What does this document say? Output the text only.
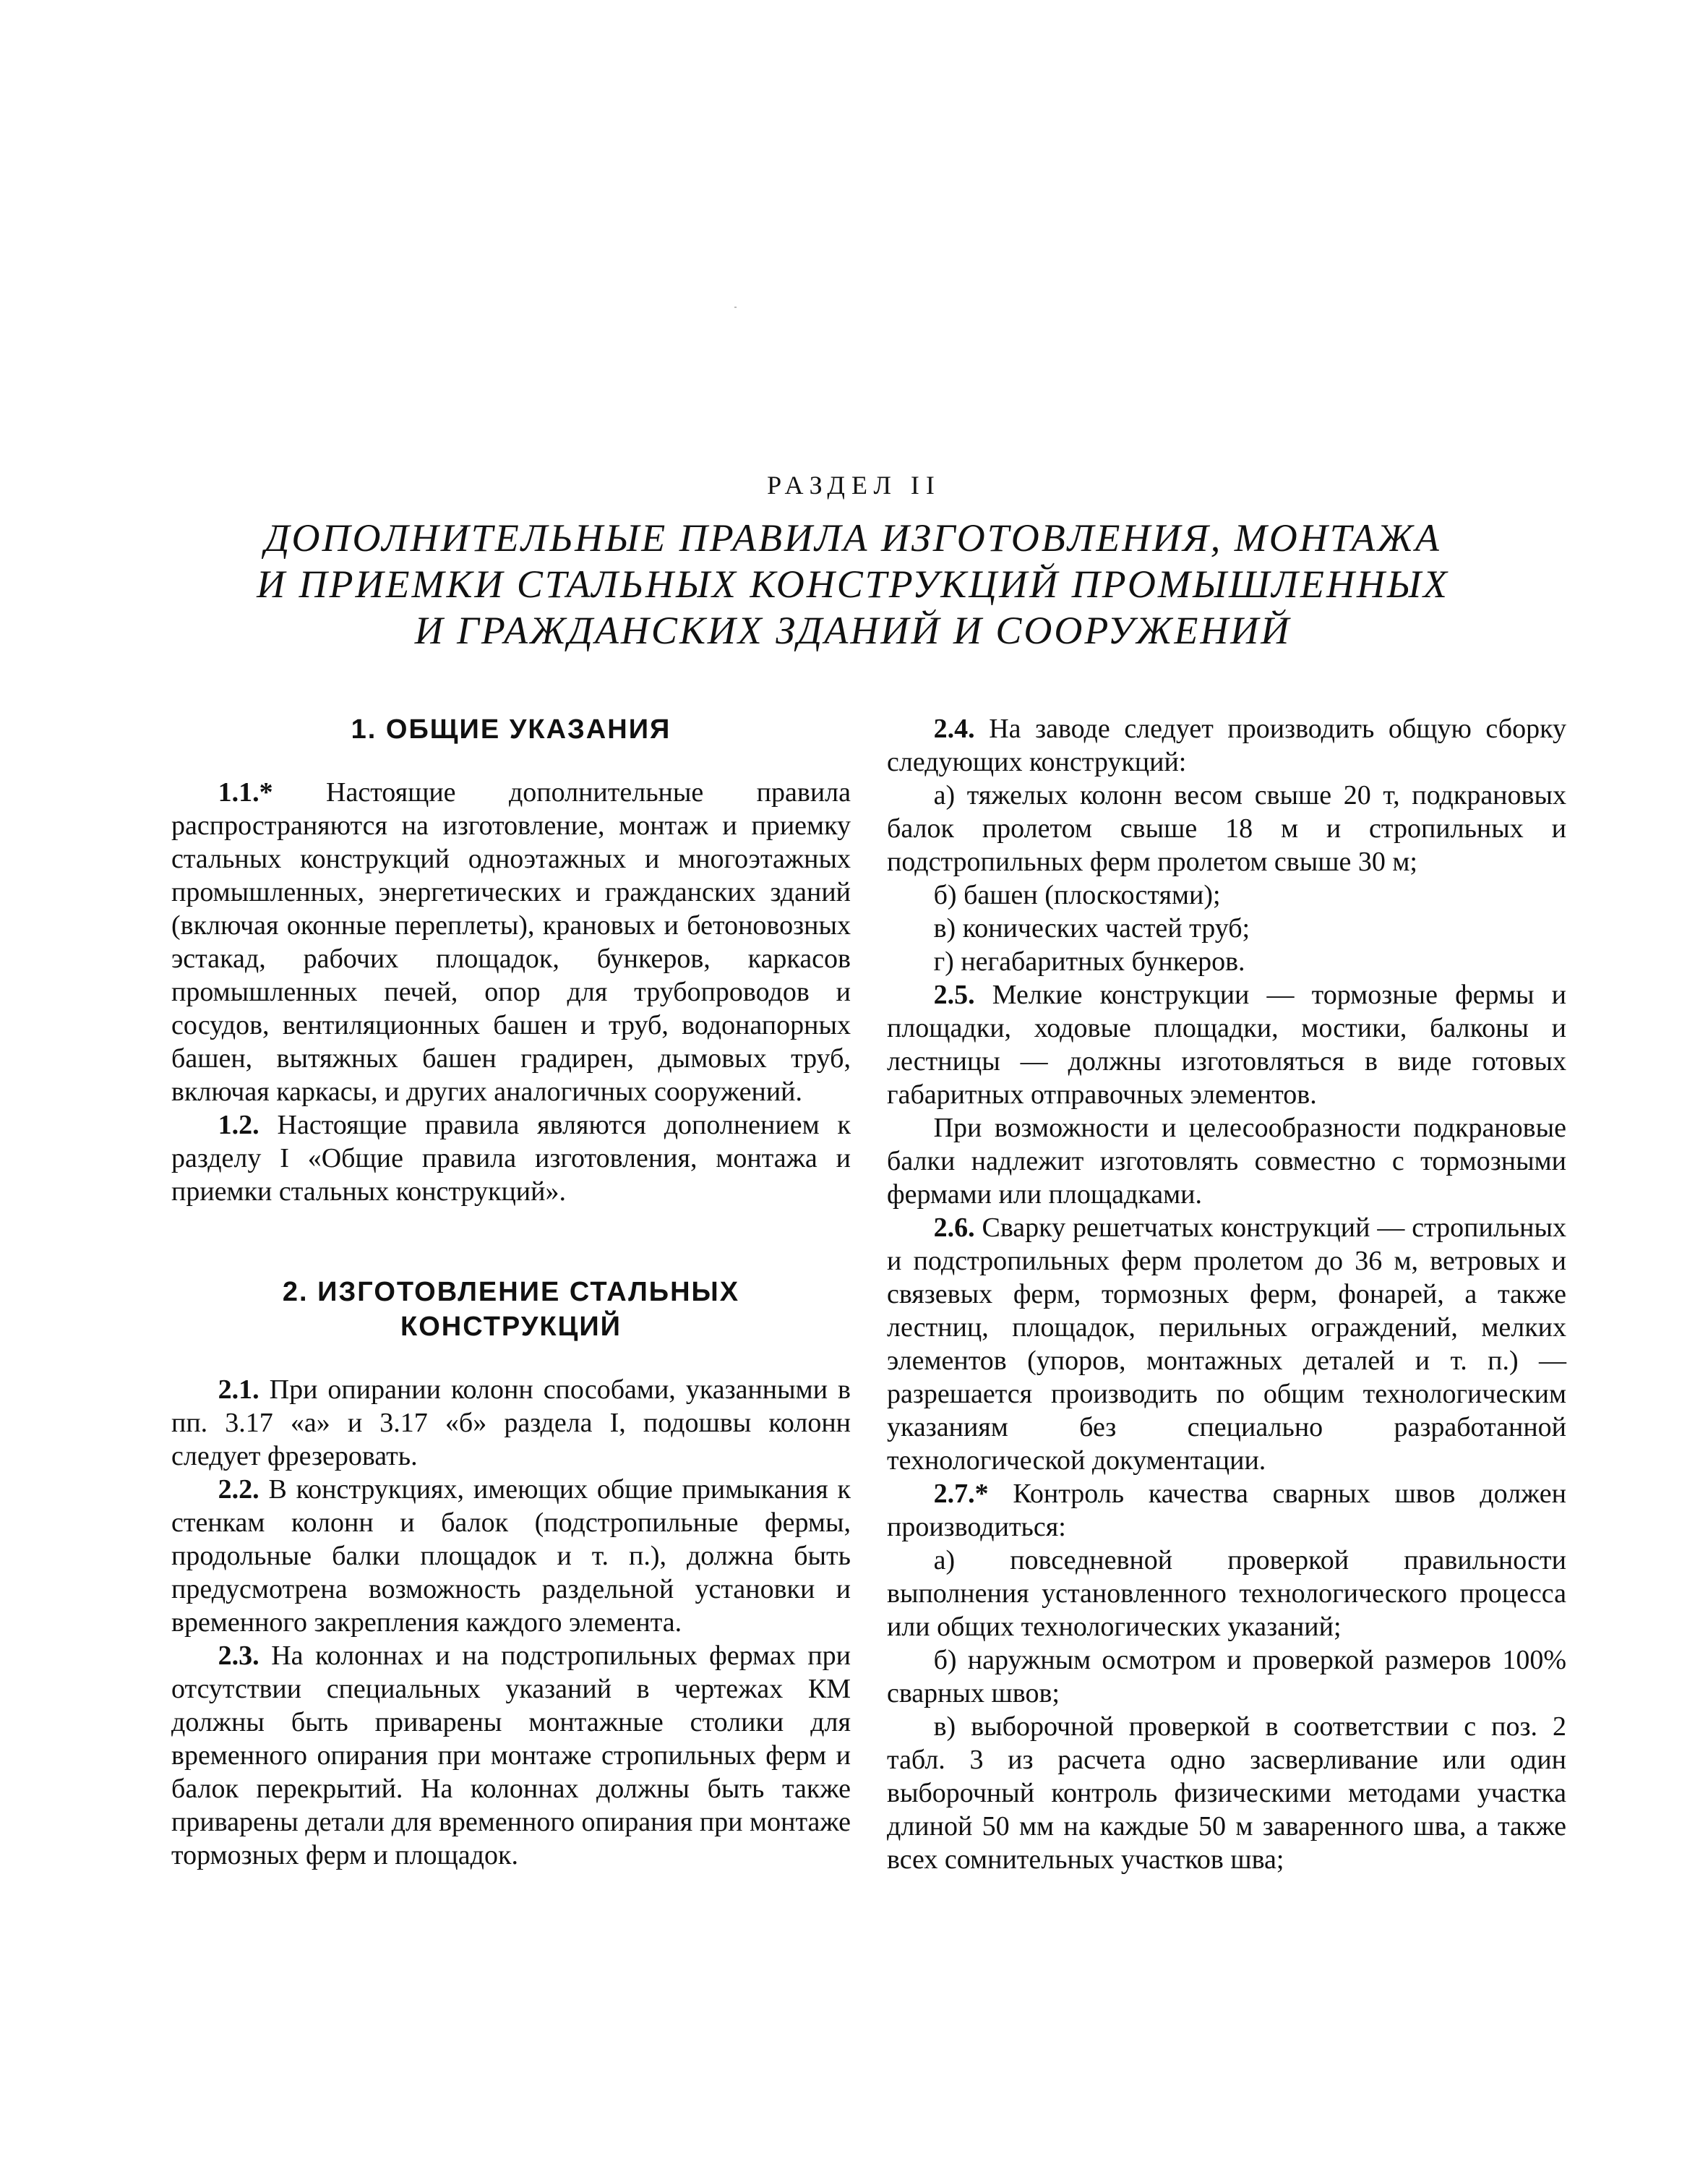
РАЗДЕЛ II
ДОПОЛНИТЕЛЬНЫЕ ПРАВИЛА ИЗГОТОВЛЕНИЯ, МОНТАЖА
И ПРИЕМКИ СТАЛЬНЫХ КОНСТРУКЦИЙ ПРОМЫШЛЕННЫХ
И ГРАЖДАНСКИХ ЗДАНИЙ И СООРУЖЕНИЙ
1. ОБЩИЕ УКАЗАНИЯ

1.1.* Настоящие дополнительные правила распространяются на изготовление, монтаж и приемку стальных конструкций одноэтажных и многоэтажных промышленных, энергетических и гражданских зданий (включая оконные переплеты), крановых и бетоновозных эстакад, рабочих площадок, бункеров, каркасов промышленных печей, опор для трубопроводов и сосудов, вентиляционных башен и труб, водонапорных башен, вытяжных башен градирен, дымовых труб, включая каркасы, и других аналогичных сооружений.

1.2. Настоящие правила являются дополнением к разделу I «Общие правила изготовления, монтажа и приемки стальных конструкций».

2. ИЗГОТОВЛЕНИЕ СТАЛЬНЫХ
КОНСТРУКЦИЙ

2.1. При опирании колонн способами, указанными в пп. 3.17 «а» и 3.17 «б» раздела I, подошвы колонн следует фрезеровать.

2.2. В конструкциях, имеющих общие примыкания к стенкам колонн и балок (подстропильные фермы, продольные балки площадок и т. п.), должна быть предусмотрена возможность раздельной установки и временного закрепления каждого элемента.

2.3. На колоннах и на подстропильных фермах при отсутствии специальных указаний в чертежах КМ должны быть приварены монтажные столики для временного опирания при монтаже стропильных ферм и балок перекрытий. На колоннах должны быть также приварены детали для временного опирания при монтаже тормозных ферм и площадок.

2.4. На заводе следует производить общую сборку следующих конструкций:

а) тяжелых колонн весом свыше 20 т, подкрановых балок пролетом свыше 18 м и стропильных и подстропильных ферм пролетом свыше 30 м;

б) башен (плоскостями);

в) конических частей труб;

г) негабаритных бункеров.

2.5. Мелкие конструкции — тормозные фермы и площадки, ходовые площадки, мостики, балконы и лестницы — должны изготовляться в виде готовых габаритных отправочных элементов.

При возможности и целесообразности подкрановые балки надлежит изготовлять совместно с тормозными фермами или площадками.

2.6. Сварку решетчатых конструкций — стропильных и подстропильных ферм пролетом до 36 м, ветровых и связевых ферм, тормозных ферм, фонарей, а также лестниц, площадок, перильных ограждений, мелких элементов (упоров, монтажных деталей и т. п.) — разрешается производить по общим технологическим указаниям без специально разработанной технологической документации.

2.7.* Контроль качества сварных швов должен производиться:

а) повседневной проверкой правильности выполнения установленного технологического процесса или общих технологических указаний;

б) наружным осмотром и проверкой размеров 100% сварных швов;

в) выборочной проверкой в соответствии с поз. 2 табл. 3 из расчета одно засверливание или один выборочный контроль физическими методами участка длиной 50 мм на каждые 50 м заваренного шва, а также всех сомнительных участков шва;
